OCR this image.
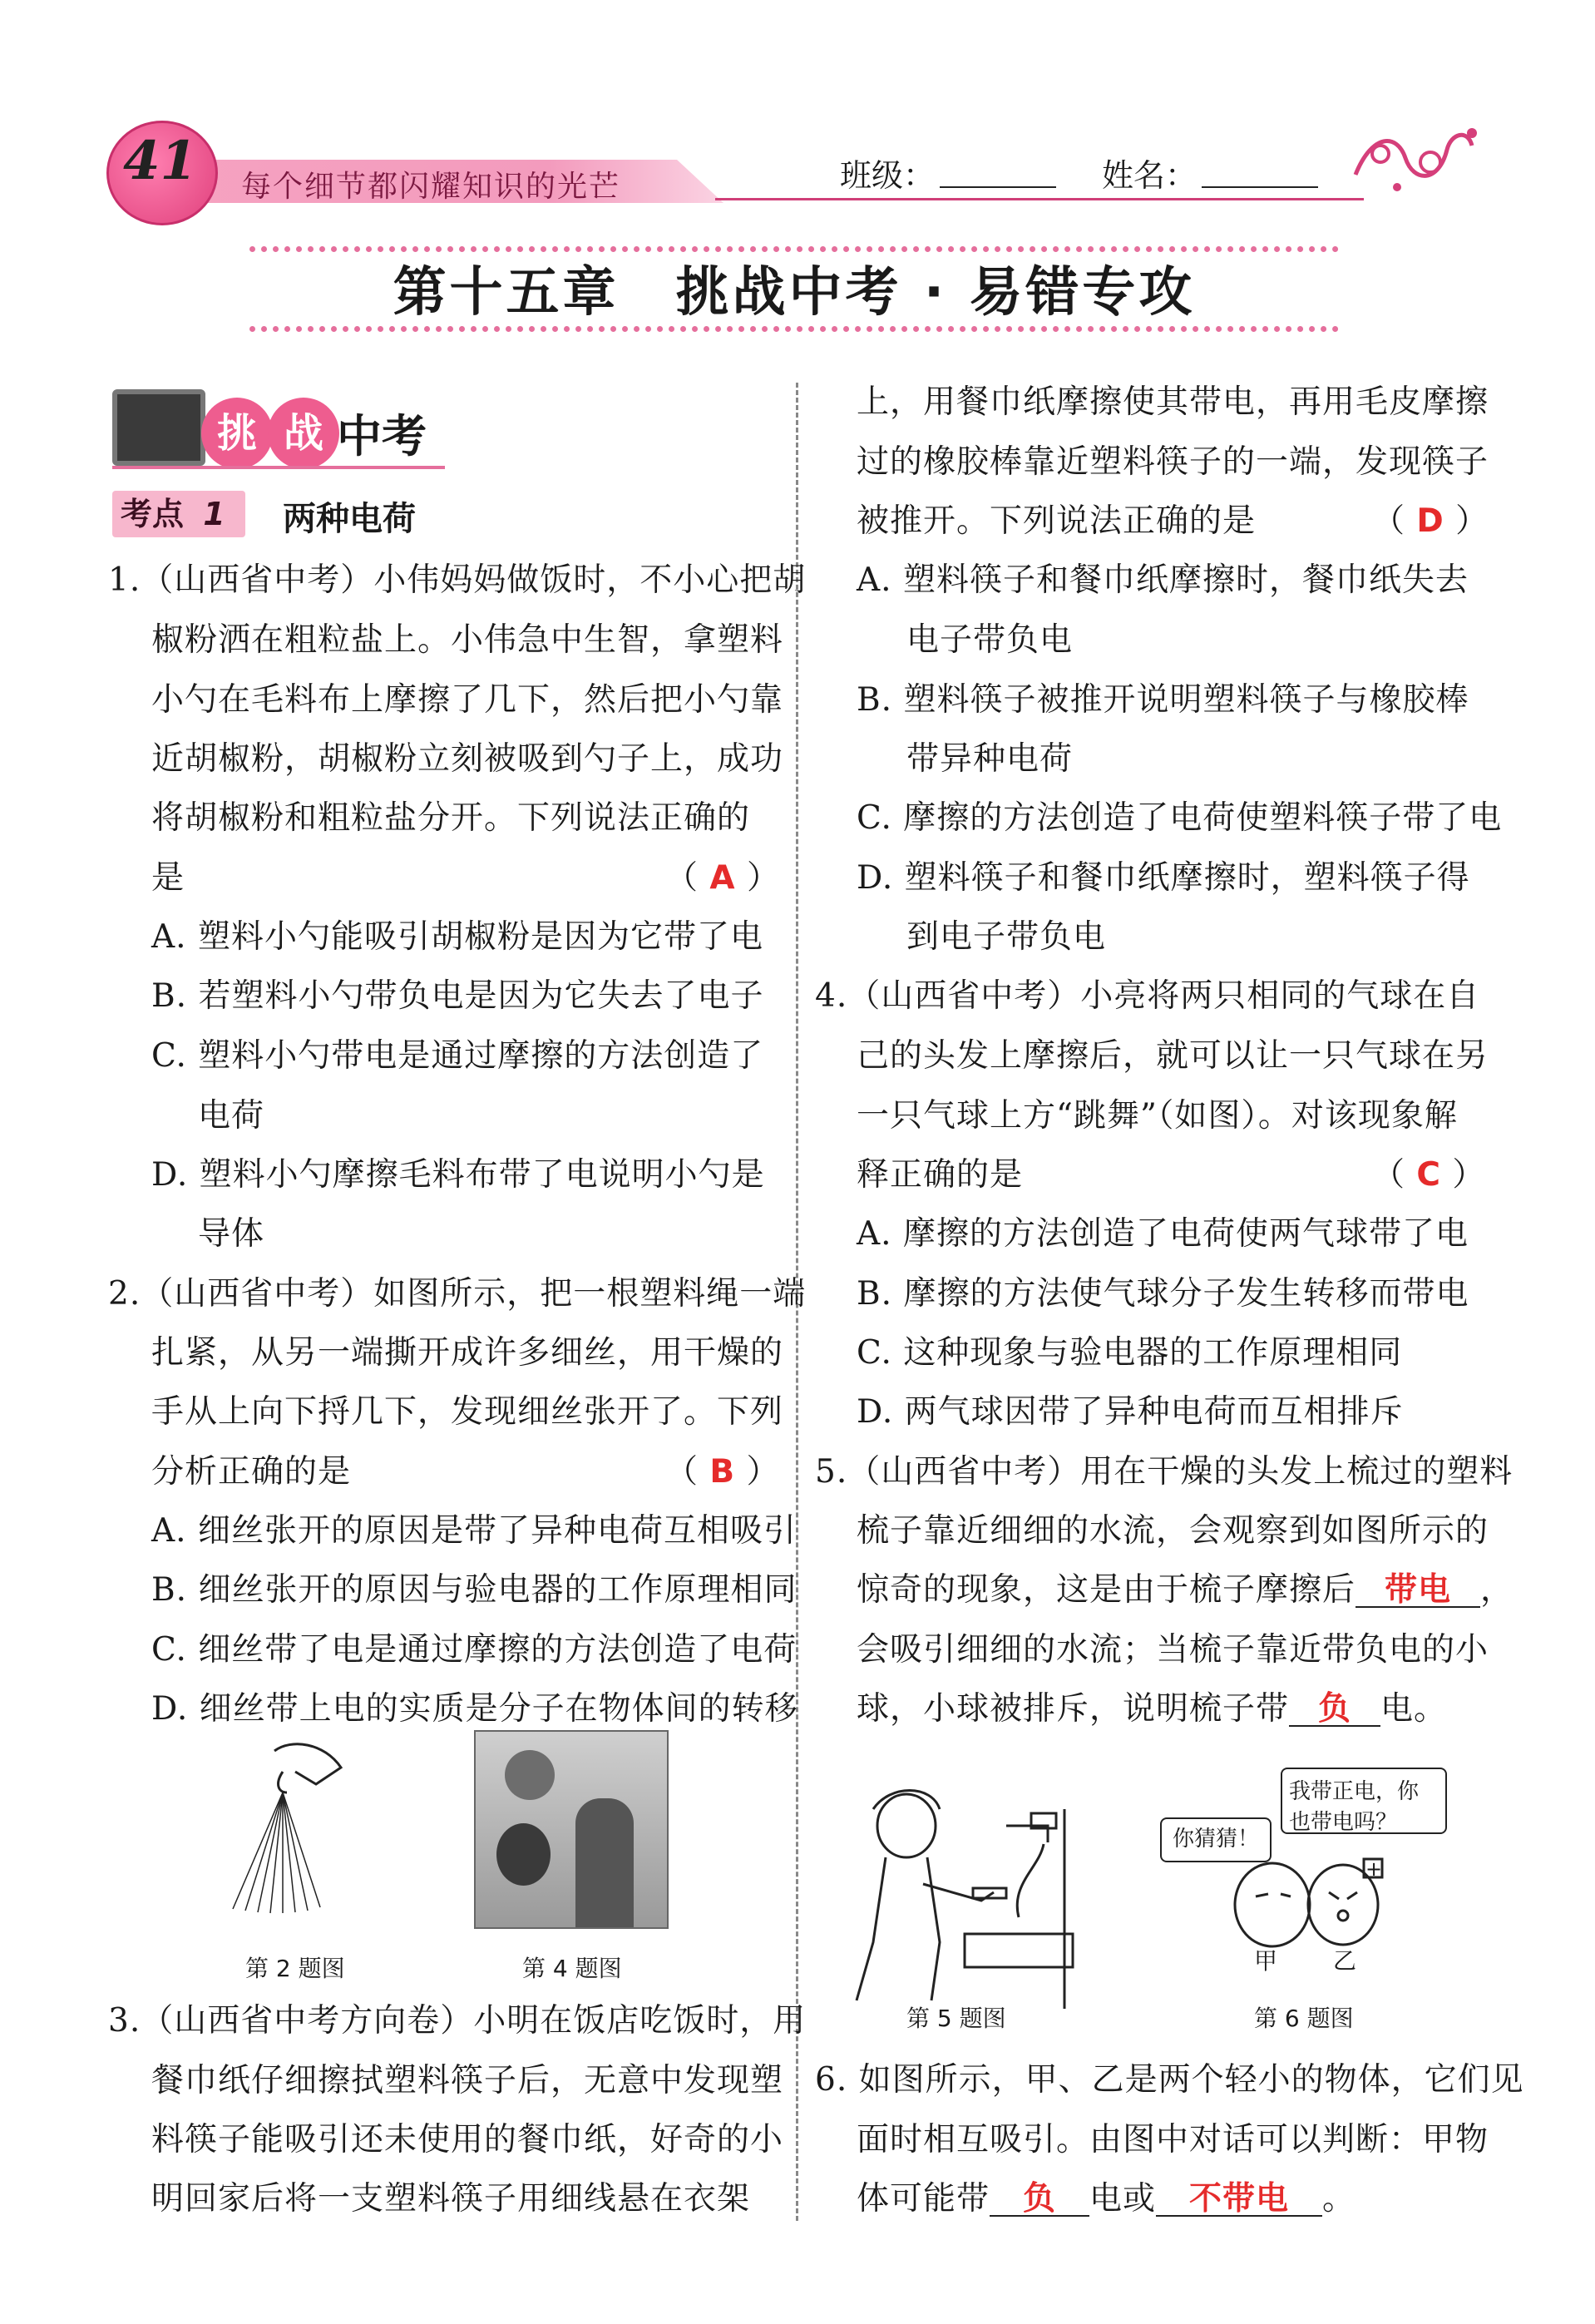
41 每个细节都闪耀知识的光芒	班级：	姓名：
第十五章　挑战中考 · 易错专攻
挑 战 中考
考点 1	两种电荷
1.（山西省中考）小伟妈妈做饭时，不小心把胡
椒粉洒在粗粒盐上。小伟急中生智，拿塑料
小勺在毛料布上摩擦了几下，然后把小勺靠
近胡椒粉，胡椒粉立刻被吸到勺子上，成功
将胡椒粉和粗粒盐分开。下列说法正确的
是	（ A ）
A. 塑料小勺能吸引胡椒粉是因为它带了电
B. 若塑料小勺带负电是因为它失去了电子
C. 塑料小勺带电是通过摩擦的方法创造了
电荷
D. 塑料小勺摩擦毛料布带了电说明小勺是
导体
2.（山西省中考）如图所示，把一根塑料绳一端
扎紧，从另一端撕开成许多细丝，用干燥的
手从上向下捋几下，发现细丝张开了。下列
分析正确的是	（ B ）
A. 细丝张开的原因是带了异种电荷互相吸引
B. 细丝张开的原因与验电器的工作原理相同
C. 细丝带了电是通过摩擦的方法创造了电荷
D. 细丝带上电的实质是分子在物体间的转移
第 2 题图	第 4 题图
3.（山西省中考方向卷）小明在饭店吃饭时，用
餐巾纸仔细擦拭塑料筷子后，无意中发现塑
料筷子能吸引还未使用的餐巾纸，好奇的小
明回家后将一支塑料筷子用细线悬在衣架
上，用餐巾纸摩擦使其带电，再用毛皮摩擦
过的橡胶棒靠近塑料筷子的一端，发现筷子
被推开。下列说法正确的是	（ D ）
A. 塑料筷子和餐巾纸摩擦时，餐巾纸失去
电子带负电
B. 塑料筷子被推开说明塑料筷子与橡胶棒
带异种电荷
C. 摩擦的方法创造了电荷使塑料筷子带了电
D. 塑料筷子和餐巾纸摩擦时，塑料筷子得
到电子带负电
4.（山西省中考）小亮将两只相同的气球在自
己的头发上摩擦后，就可以让一只气球在另
一只气球上方“跳舞”（如图）。对该现象解
释正确的是	（ C ）
A. 摩擦的方法创造了电荷使两气球带了电
B. 摩擦的方法使气球分子发生转移而带电
C. 这种现象与验电器的工作原理相同
D. 两气球因带了异种电荷而互相排斥
5.（山西省中考）用在干燥的头发上梳过的塑料
梳子靠近细细的水流，会观察到如图所示的
惊奇的现象，这是由于梳子摩擦后 带电 ，
会吸引细细的水流；当梳子靠近带负电的小
球，小球被排斥，说明梳子带 负 电。
第 5 题图
你猜猜！
我带正电，你
也带电吗？
+
甲 乙
第 6 题图
6. 如图所示，甲、乙是两个轻小的物体，它们见
面时相互吸引。由图中对话可以判断：甲物
体可能带 负 电或 不带电 。
